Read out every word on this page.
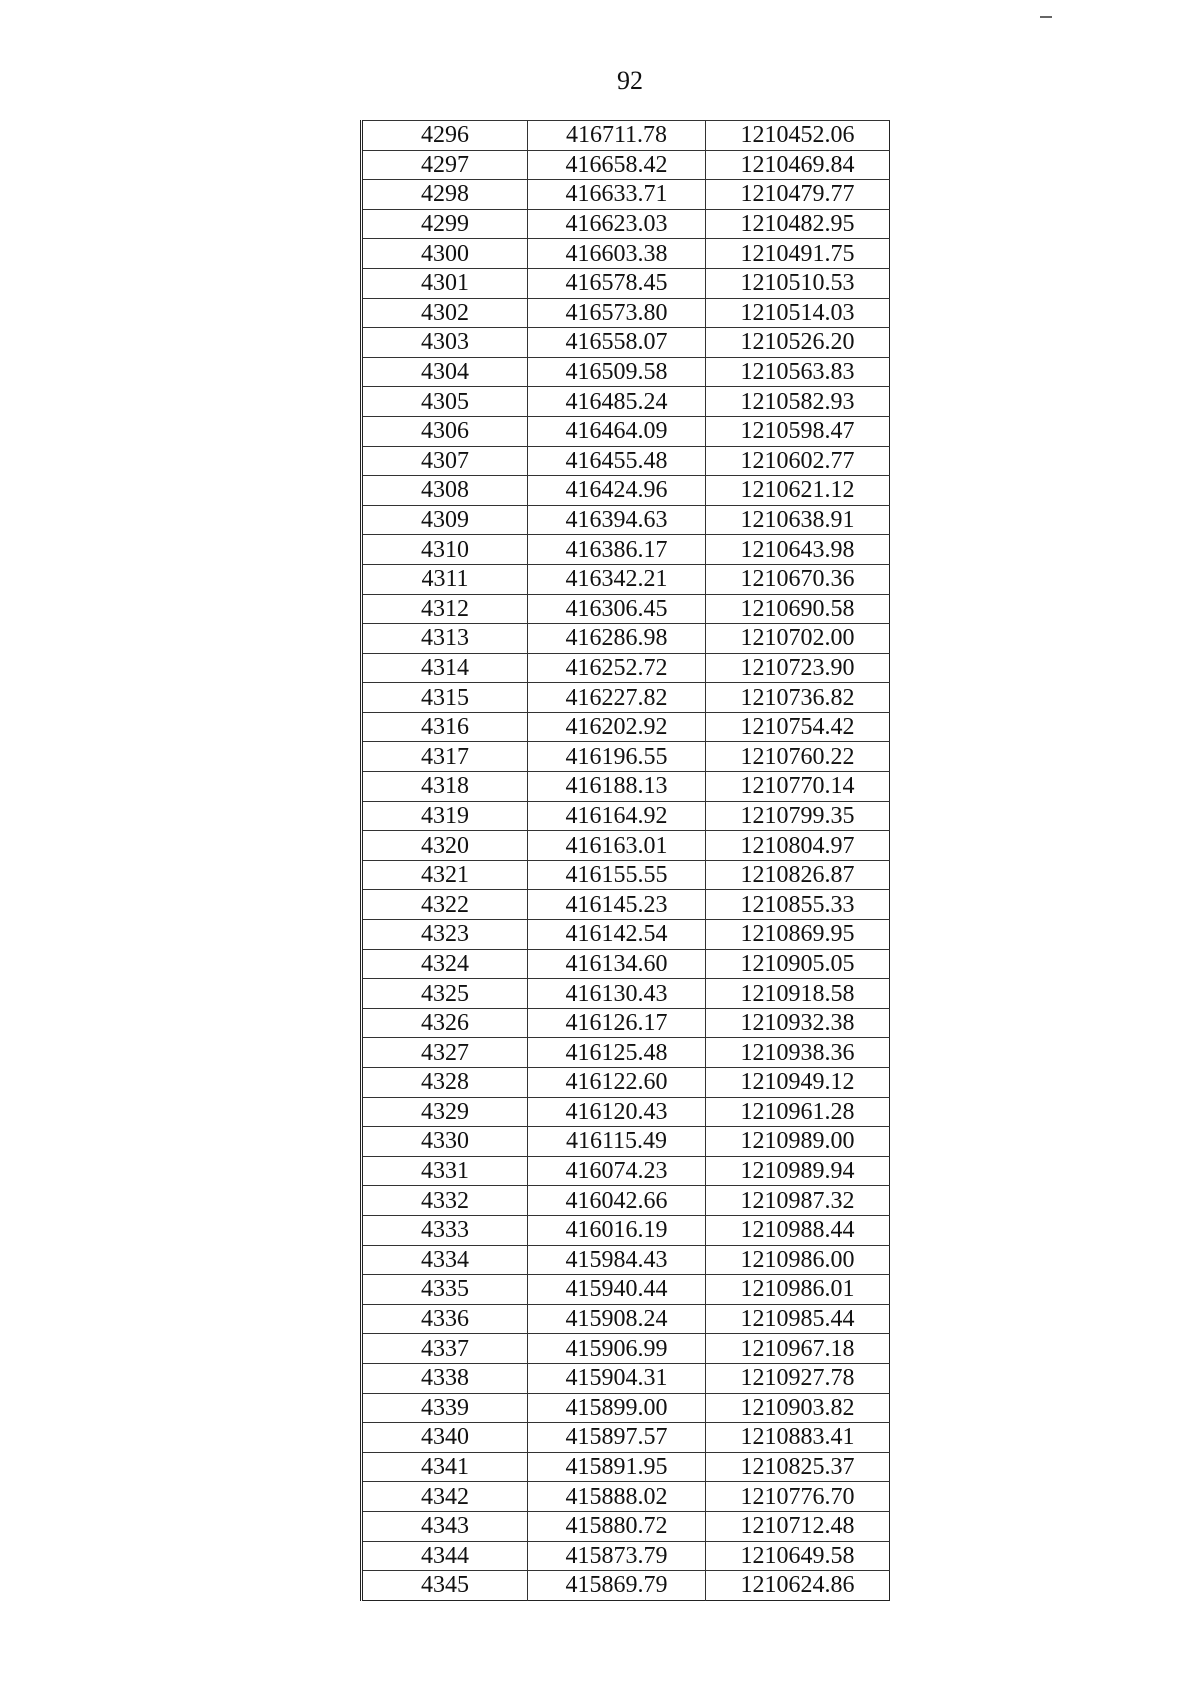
92
4296	416711.78	1210452.06
4297	416658.42	1210469.84
4298	416633.71	1210479.77
4299	416623.03	1210482.95
4300	416603.38	1210491.75
4301	416578.45	1210510.53
4302	416573.80	1210514.03
4303	416558.07	1210526.20
4304	416509.58	1210563.83
4305	416485.24	1210582.93
4306	416464.09	1210598.47
4307	416455.48	1210602.77
4308	416424.96	1210621.12
4309	416394.63	1210638.91
4310	416386.17	1210643.98
4311	416342.21	1210670.36
4312	416306.45	1210690.58
4313	416286.98	1210702.00
4314	416252.72	1210723.90
4315	416227.82	1210736.82
4316	416202.92	1210754.42
4317	416196.55	1210760.22
4318	416188.13	1210770.14
4319	416164.92	1210799.35
4320	416163.01	1210804.97
4321	416155.55	1210826.87
4322	416145.23	1210855.33
4323	416142.54	1210869.95
4324	416134.60	1210905.05
4325	416130.43	1210918.58
4326	416126.17	1210932.38
4327	416125.48	1210938.36
4328	416122.60	1210949.12
4329	416120.43	1210961.28
4330	416115.49	1210989.00
4331	416074.23	1210989.94
4332	416042.66	1210987.32
4333	416016.19	1210988.44
4334	415984.43	1210986.00
4335	415940.44	1210986.01
4336	415908.24	1210985.44
4337	415906.99	1210967.18
4338	415904.31	1210927.78
4339	415899.00	1210903.82
4340	415897.57	1210883.41
4341	415891.95	1210825.37
4342	415888.02	1210776.70
4343	415880.72	1210712.48
4344	415873.79	1210649.58
4345	415869.79	1210624.86
